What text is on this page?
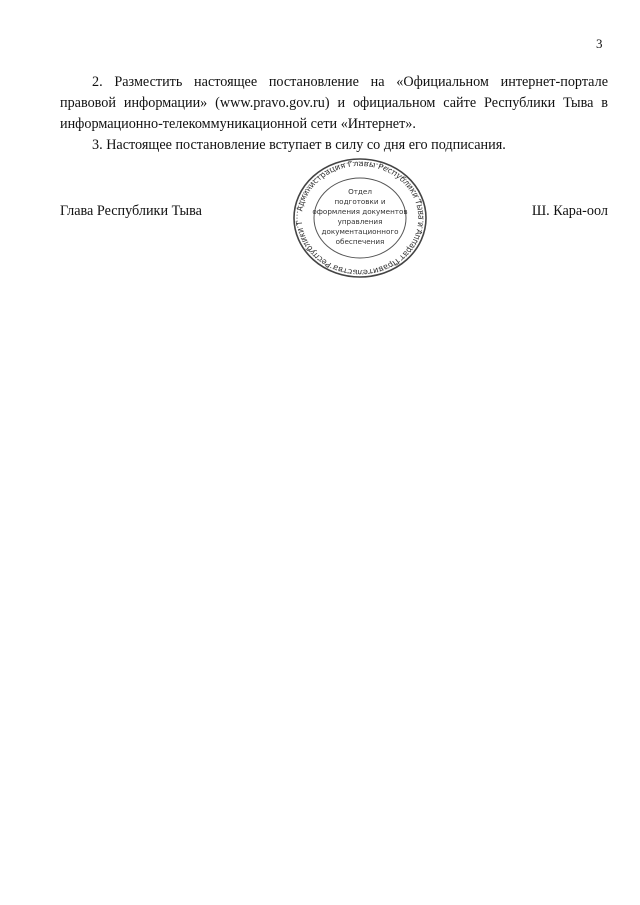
3

2. Разместить настоящее постановление на «Официальном интернет-портале правовой информации» (www.pravo.gov.ru) и официальном сайте Республики Тыва в информационно-телекоммуникационной сети «Интернет».

3. Настоящее постановление вступает в силу со дня его подписания.

Глава Республики Тыва	Администрация Главы Республики Тыва и Аппарат Правительства Республики Т
Отдел
подготовки и
оформления документов
управления
документационного
обеспечения
Ш. Кара-оол
